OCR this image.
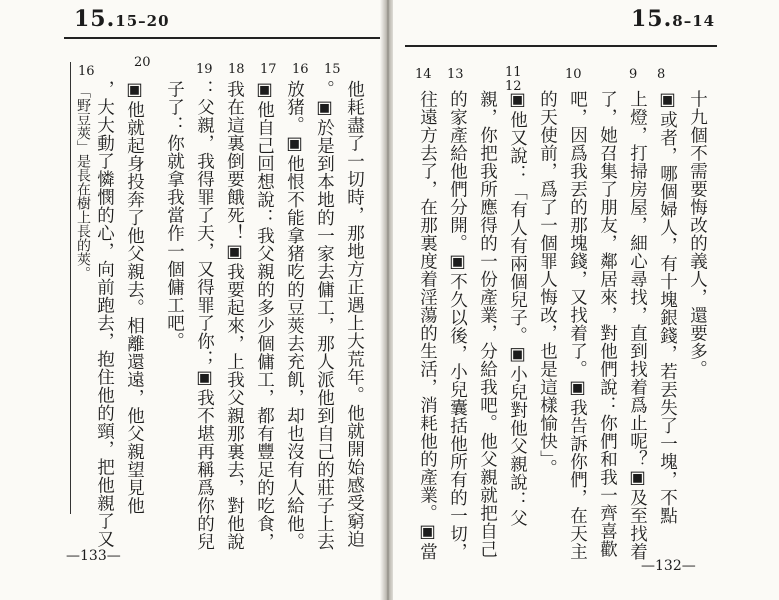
15.15–20
20	19 18 17 16 15
他耗盡了一切時，那地方正遇上大荒年。他就開始感受窮迫
。▣於是到本地的一家去傭工，那人派他到自己的莊子上去
放猪。▣他恨不能拿猪吃的豆莢去充飢，却也沒有人給他。
▣他自己回想說：我父親的多少個傭工，都有豐足的吃食，
我在這裏倒要餓死！▣我要起來，上我父親那裏去，對他說
：父親，我得罪了天，又得罪了你；▣我不堪再稱爲你的兒
子了：你就拿我當作一個傭工吧。
▣他就起身投奔了他父親去。相離還遠，他父親望見他
，大大動了憐憫的心，向前跑去，抱住他的頸，把他親了又
16
「野豆莢」是長在樹上長的莢。
—133—
15.8–14
14 13	11
12
10	9 8
十九個不需要悔改的義人，還要多。
▣或者，哪個婦人，有十塊銀錢，若丟失了一塊，不點
上燈，打掃房屋，細心尋找，直到找着爲止呢？▣及至找着
了，她召集了朋友，鄰居來，對他們說：你們和我一齊喜歡
吧，因爲我丟的那塊錢，又找着了。▣我告訴你們，在天主
的天使前，爲了一個罪人悔改，也是這樣愉快」。
▣他又說：「有人有兩個兒子。▣小兒對他父親說：父
親，你把我所應得的一份產業，分給我吧。他父親就把自己
的家產給他們分開。▣不久以後，小兒囊括他所有的一切，
往遠方去了，在那裏度着淫蕩的生活，消耗他的產業。▣當
—132—
